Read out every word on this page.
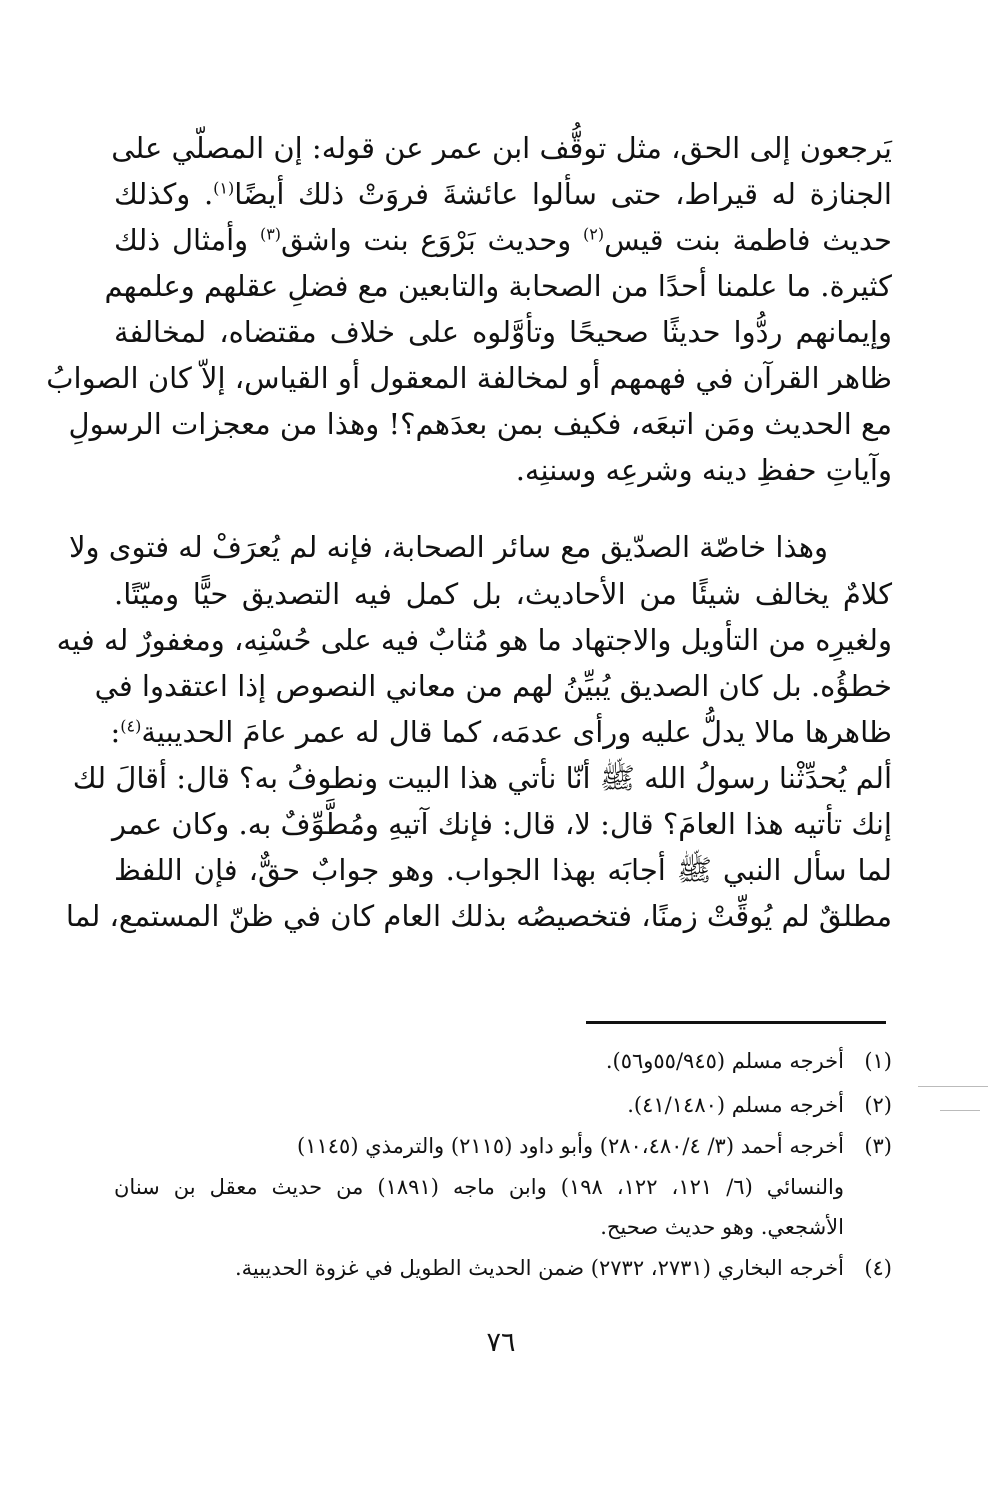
يَرجعون إلى الحق، مثل توقُّف ابن عمر عن قوله: إن المصلّي على
الجنازة له قيراط، حتى سألوا عائشةَ فروَتْ ذلك أيضًا$^{(١)}$. وكذلك
حديث فاطمة بنت قيس$^{(٢)}$ وحديث بَرْوَع بنت واشق$^{(٣)}$ وأمثال ذلك
كثيرة. ما علمنا أحدًا من الصحابة والتابعين مع فضلِ عقلهم وعلمهم
وإيمانهم ردُّوا حديثًا صحيحًا وتأوَّلوه على خلاف مقتضاه، لمخالفة
ظاهر القرآن في فهمهم أو لمخالفة المعقول أو القياس، إلاّ كان الصوابُ
مع الحديث ومَن اتبعَه، فكيف بمن بعدَهم؟! وهذا من معجزات الرسولِ
وآياتِ حفظِ دينه وشرعِه وسننِه.
وهذا خاصّة الصدّيق مع سائر الصحابة، فإنه لم يُعرَفْ له فتوى ولا
كلامٌ يخالف شيئًا من الأحاديث، بل كمل فيه التصديق حيًّا وميّتًا.
ولغيرِه من التأويل والاجتهاد ما هو مُثابٌ فيه على حُسْنِه، ومغفورٌ له فيه
خطؤُه. بل كان الصديق يُبيِّنُ لهم من معاني النصوص إذا اعتقدوا في
ظاهرها مالا يدلُّ عليه ورأى عدمَه، كما قال له عمر عامَ الحديبية$^{(٤)}$:
ألم يُحدِّثْنا رسولُ الله ﷺ أنّا نأتي هذا البيت ونطوفُ به؟ قال: أقالَ لك
إنك تأتيه هذا العامَ؟ قال: لا، قال: فإنك آتيهِ ومُطَّوِّفٌ به. وكان عمر
لما سأل النبي ﷺ أجابَه بهذا الجواب. وهو جوابٌ حقٌّ، فإن اللفظ
مطلقٌ لم يُوقِّتْ زمنًا، فتخصيصُه بذلك العام كان في ظنّ المستمع، لما
(١)أخرجه مسلم (٥٥/٩٤٥و٥٦).
(٢)أخرجه مسلم (٤١/١٤٨٠).
(٣)أخرجه أحمد (٣/ ٢٨٠،٤٨٠/٤) وأبو داود (٢١١٥) والترمذي (١١٤٥)
والنسائي (٦/ ١٢١، ١٢٢، ١٩٨) وابن ماجه (١٨٩١) من حديث معقل بن سنان
الأشجعي. وهو حديث صحيح.
(٤)أخرجه البخاري (٢٧٣١، ٢٧٣٢) ضمن الحديث الطويل في غزوة الحديبية.
٧٦
